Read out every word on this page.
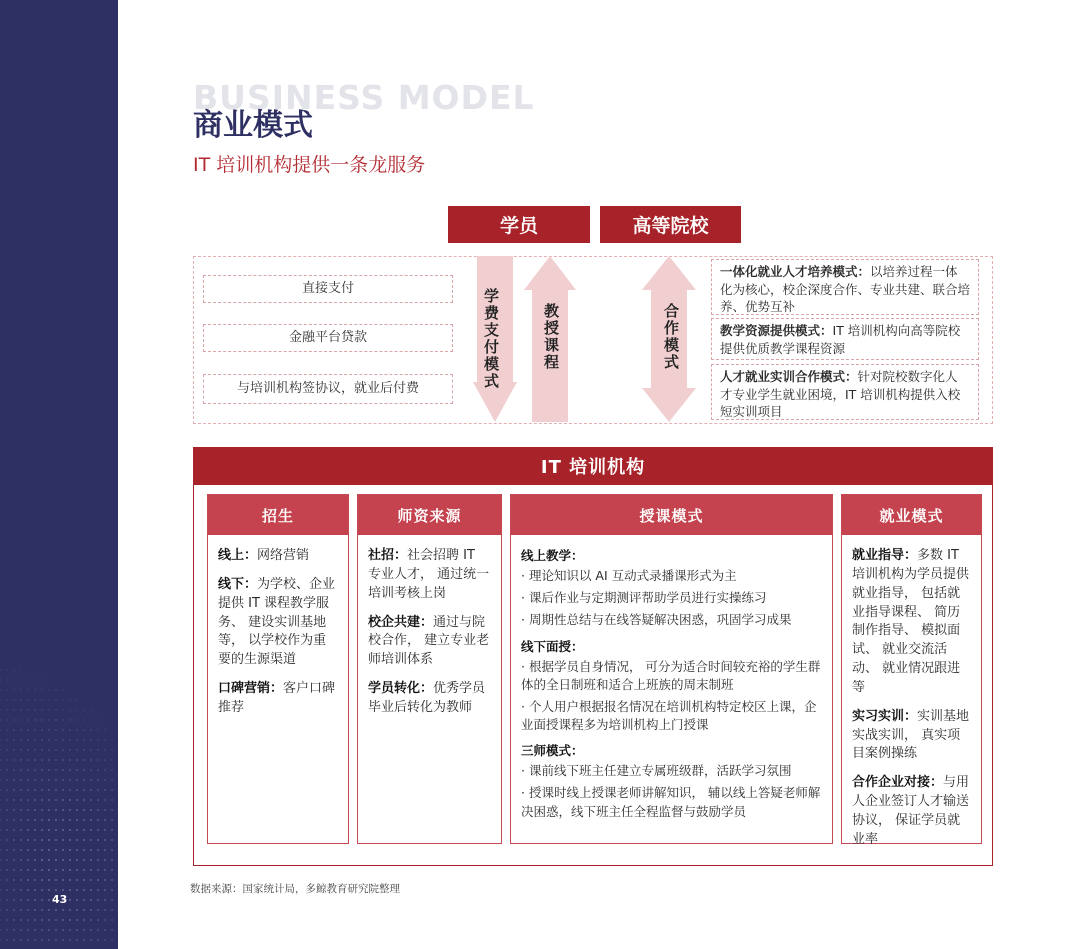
43
BUSINESS MODEL
商业模式
IT 培训机构提供一条龙服务
学员	高等院校
直接支付
金融平台贷款
与培训机构签协议，就业后付费	学费支付模式	教授课程	合作模式
一体化就业人才培养模式：以培养过程一体化为核心，校企深度合作、专业共建、联合培养、优势互补
教学资源提供模式：IT 培训机构向高等院校提供优质教学课程资源
人才就业实训合作模式：针对院校数字化人才专业学生就业困境，IT 培训机构提供入校短实训项目
IT 培训机构
招生

线上：网络营销

线下：为学校、企业提供 IT 课程教学服务、 建设实训基地等， 以学校作为重要的生源渠道

口碑营销：客户口碑推荐

师资来源

社招：社会招聘 IT 专业人才， 通过统一培训考核上岗

校企共建：通过与院校合作， 建立专业老师培训体系

学员转化：优秀学员毕业后转化为教师

授课模式
线上教学：
· 理论知识以 AI 互动式录播课形式为主
· 课后作业与定期测评帮助学员进行实操练习
· 周期性总结与在线答疑解决困惑，巩固学习成果
线下面授：
· 根据学员自身情况， 可分为适合时间较充裕的学生群体的全日制班和适合上班族的周末制班
· 个人用户根据报名情况在培训机构特定校区上课，企业面授课程多为培训机构上门授课
三师模式：
· 课前线下班主任建立专属班级群，活跃学习氛围
· 授课时线上授课老师讲解知识， 辅以线上答疑老师解决困惑，线下班主任全程监督与鼓励学员
就业模式

就业指导：多数 IT 培训机构为学员提供就业指导， 包括就业指导课程、 简历制作指导、 模拟面试、 就业交流活动、 就业情况跟进等

实习实训：实训基地实战实训， 真实项目案例操练

合作企业对接：与用人企业签订人才输送协议， 保证学员就业率

数据来源：国家统计局，多鲸教育研究院整理
